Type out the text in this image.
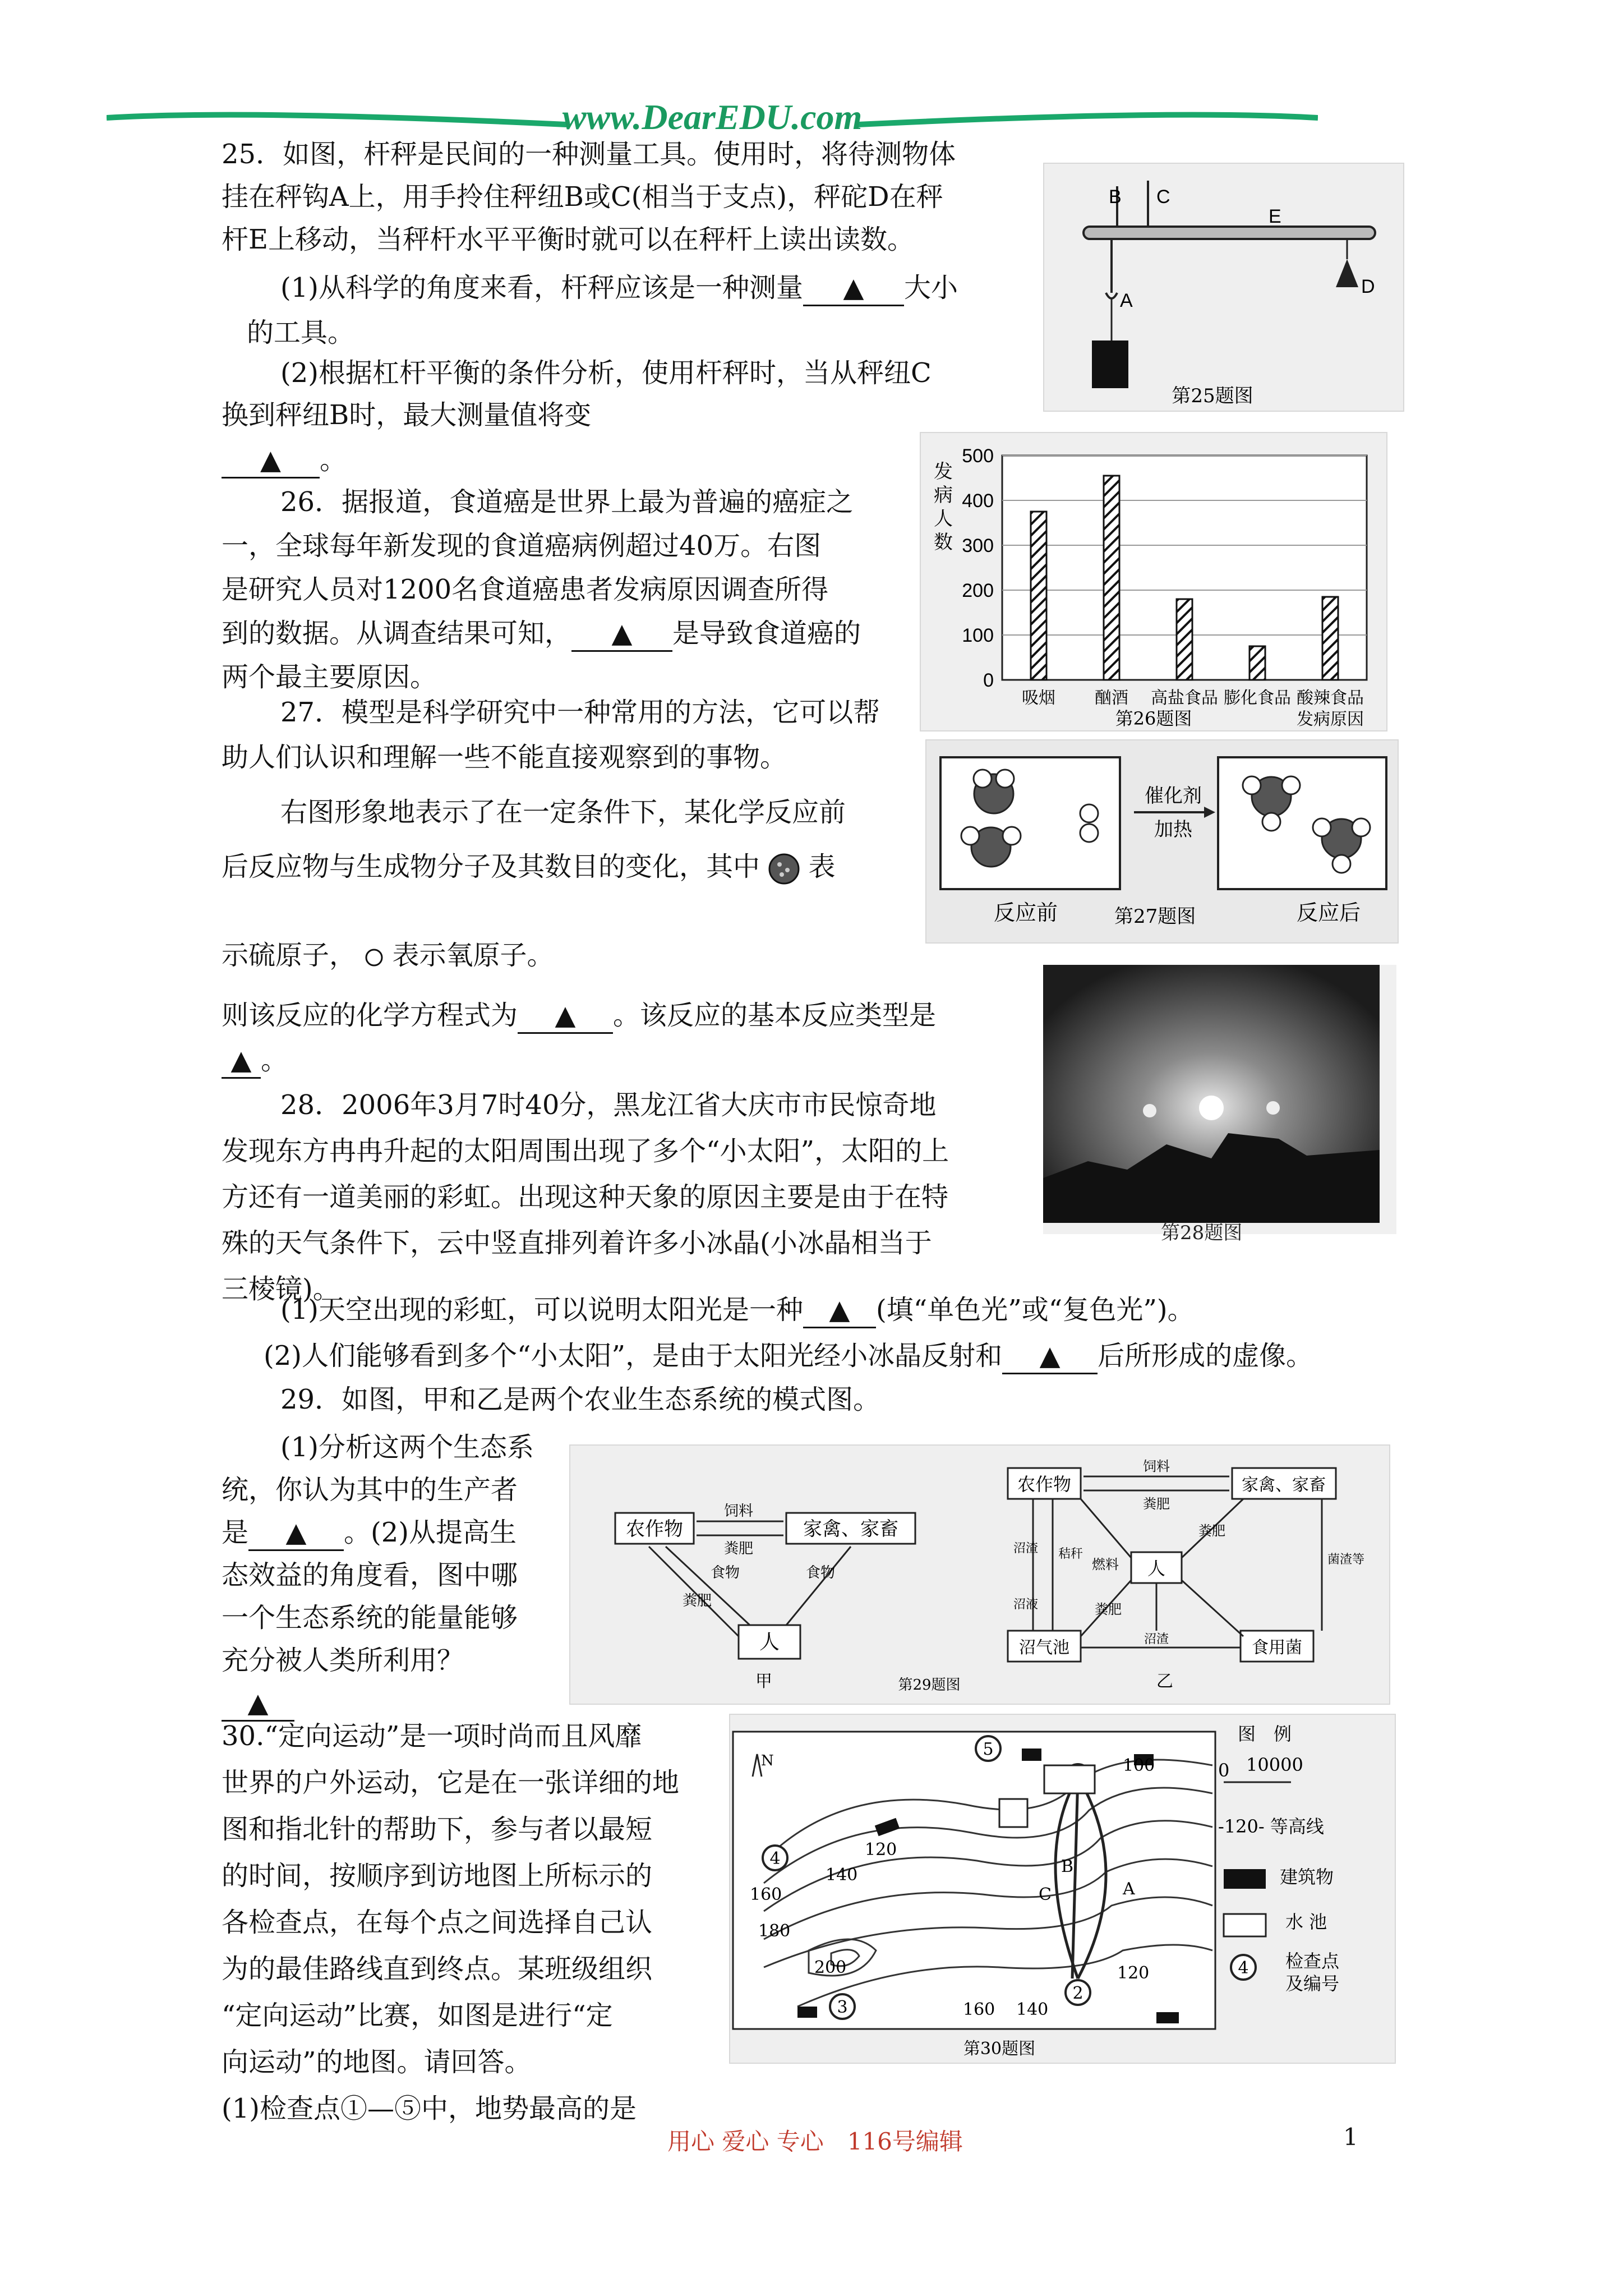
www.DearEDU.com
25．如图，杆秤是民间的一种测量工具。使用时，将待测物体
挂在秤钩A上，用手拎住秤纽B或C(相当于支点)，秤砣D在秤
杆E上移动，当秤杆水平平衡时就可以在秤杆上读出读数。
(1)从科学的角度来看，杆秤应该是一种测量 ▲ 大小
的工具。
(2)根据杠杆平衡的条件分析，使用杆秤时，当从秤纽C
换到秤纽B时，最大测量值将变
▲ 。
B C
E
A
D
第25题图
26．据报道，食道癌是世界上最为普遍的癌症之
一，全球每年新发现的食道癌病例超过40万。右图
是研究人员对1200名食道癌患者发病原因调查所得
到的数据。从调查结果可知， ▲ 是导致食道癌的
两个最主要原因。	0
100
200
300
400
500
吸烟 酗酒 高盐食品 膨化食品 酸辣食品
发
病
人
数
发病原因
第26题图
27．模型是科学研究中一种常用的方法，它可以帮
助人们认识和理解一些不能直接观察到的事物。
右图形象地表示了在一定条件下，某化学反应前
后反应物与生成物分子及其数目的变化，其中 表
示硫原子， 表示氧原子。
则该反应的化学方程式为 ▲ 。该反应的基本反应类型是
▲ 。
催化剂
加热
反应前	第27题图	反应后
第28题图
28．2006年3月7时40分，黑龙江省大庆市市民惊奇地
发现东方冉冉升起的太阳周围出现了多个“小太阳”，太阳的上
方还有一道美丽的彩虹。出现这种天象的原因主要是由于在特
殊的天气条件下，云中竖直排列着许多小冰晶(小冰晶相当于
三棱镜)。
(1)天空出现的彩虹，可以说明太阳光是一种 ▲ (填“单色光”或“复色光”)。
(2)人们能够看到多个“小太阳”，是由于太阳光经小冰晶反射和 ▲ 后所形成的虚像。
29．如图，甲和乙是两个农业生态系统的模式图。
(1)分析这两个生态系
统，你认为其中的生产者
是 ▲ 。(2)从提高生
态效益的角度看，图中哪
一个生态系统的能量能够
充分被人类所利用？
▲
农作物	家禽、家畜
饲料
粪肥
人
粪肥
食物	食物
甲
农作物	家禽、家畜
饲料
粪肥
人
沼气池	食用菌
沼渣
沼液
秸秆
燃料
粪肥
粪肥
菌渣等
沼渣
乙
第29题图
30.“定向运动”是一项时尚而且风靡
世界的户外运动，它是在一张详细的地
图和指北针的帮助下，参与者以最短
的时间，按顺序到访地图上所标示的
各检查点，在每个点之间选择自己认
为的最佳路线直到终点。某班级组织
“定向运动”比赛，如图是进行“定
向运动”的地图。请回答。
(1)检查点①—⑤中，地势最高的是
5
2
4
3
100
120
140
160
180
200	120
140
160
B
C	A
N
图　例
0 10000
-120- 等高线
建筑物
水 池
检查点
及编号
4
第30题图
用心 爱心 专心　116号编辑	1
